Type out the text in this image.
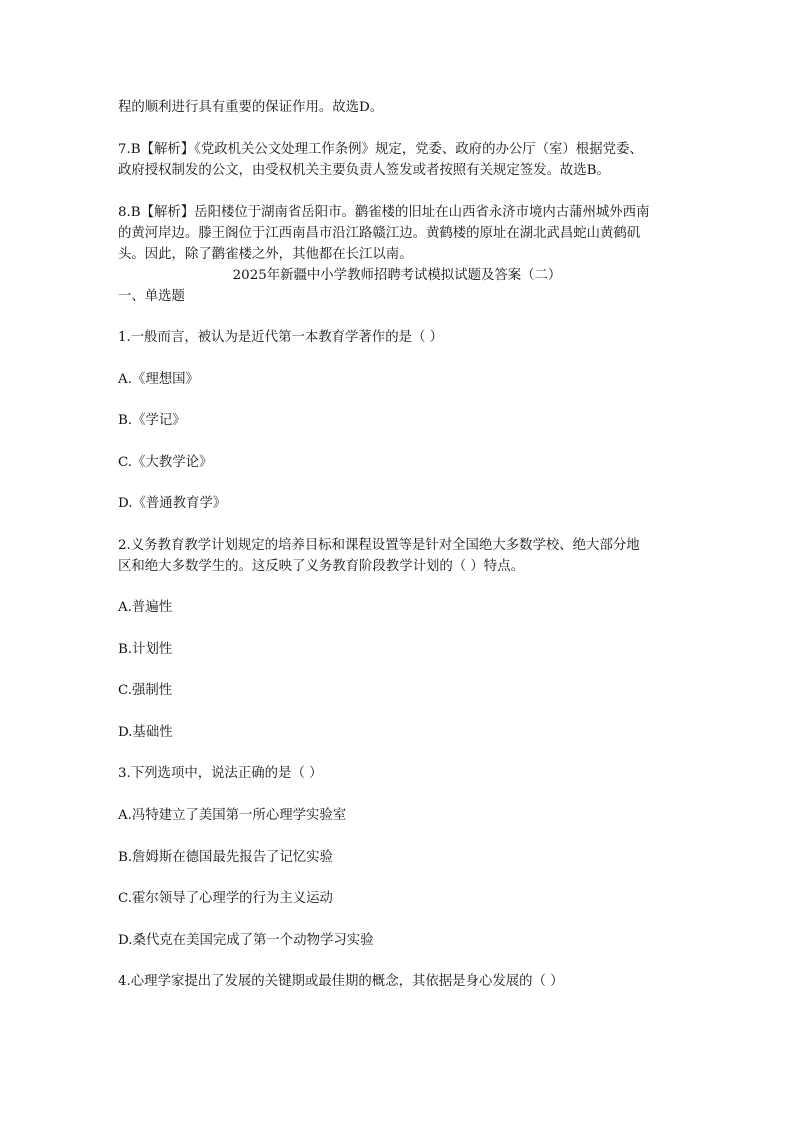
程的顺利进行具有重要的保证作用。故选D。
7.B【解析】《党政机关公文处理工作条例》规定，党委、政府的办公厅（室）根据党委、
政府授权制发的公文，由受权机关主要负责人签发或者按照有关规定签发。故选B。
8.B【解析】岳阳楼位于湖南省岳阳市。鹳雀楼的旧址在山西省永济市境内古蒲州城外西南
的黄河岸边。滕王阁位于江西南昌市沿江路赣江边。黄鹤楼的原址在湖北武昌蛇山黄鹤矶
头。因此，除了鹳雀楼之外，其他都在长江以南。
2025年新疆中小学教师招聘考试模拟试题及答案（二）
一、单选题
1.一般而言，被认为是近代第一本教育学著作的是（ ）
A.《理想国》
B.《学记》
C.《大教学论》
D.《普通教育学》
2.义务教育教学计划规定的培养目标和课程设置等是针对全国绝大多数学校、绝大部分地
区和绝大多数学生的。这反映了义务教育阶段教学计划的（ ）特点。
A.普遍性
B.计划性
C.强制性
D.基础性
3.下列选项中，说法正确的是（ ）
A.冯特建立了美国第一所心理学实验室
B.詹姆斯在德国最先报告了记忆实验
C.霍尔领导了心理学的行为主义运动
D.桑代克在美国完成了第一个动物学习实验
4.心理学家提出了发展的关键期或最佳期的概念，其依据是身心发展的（ ）
